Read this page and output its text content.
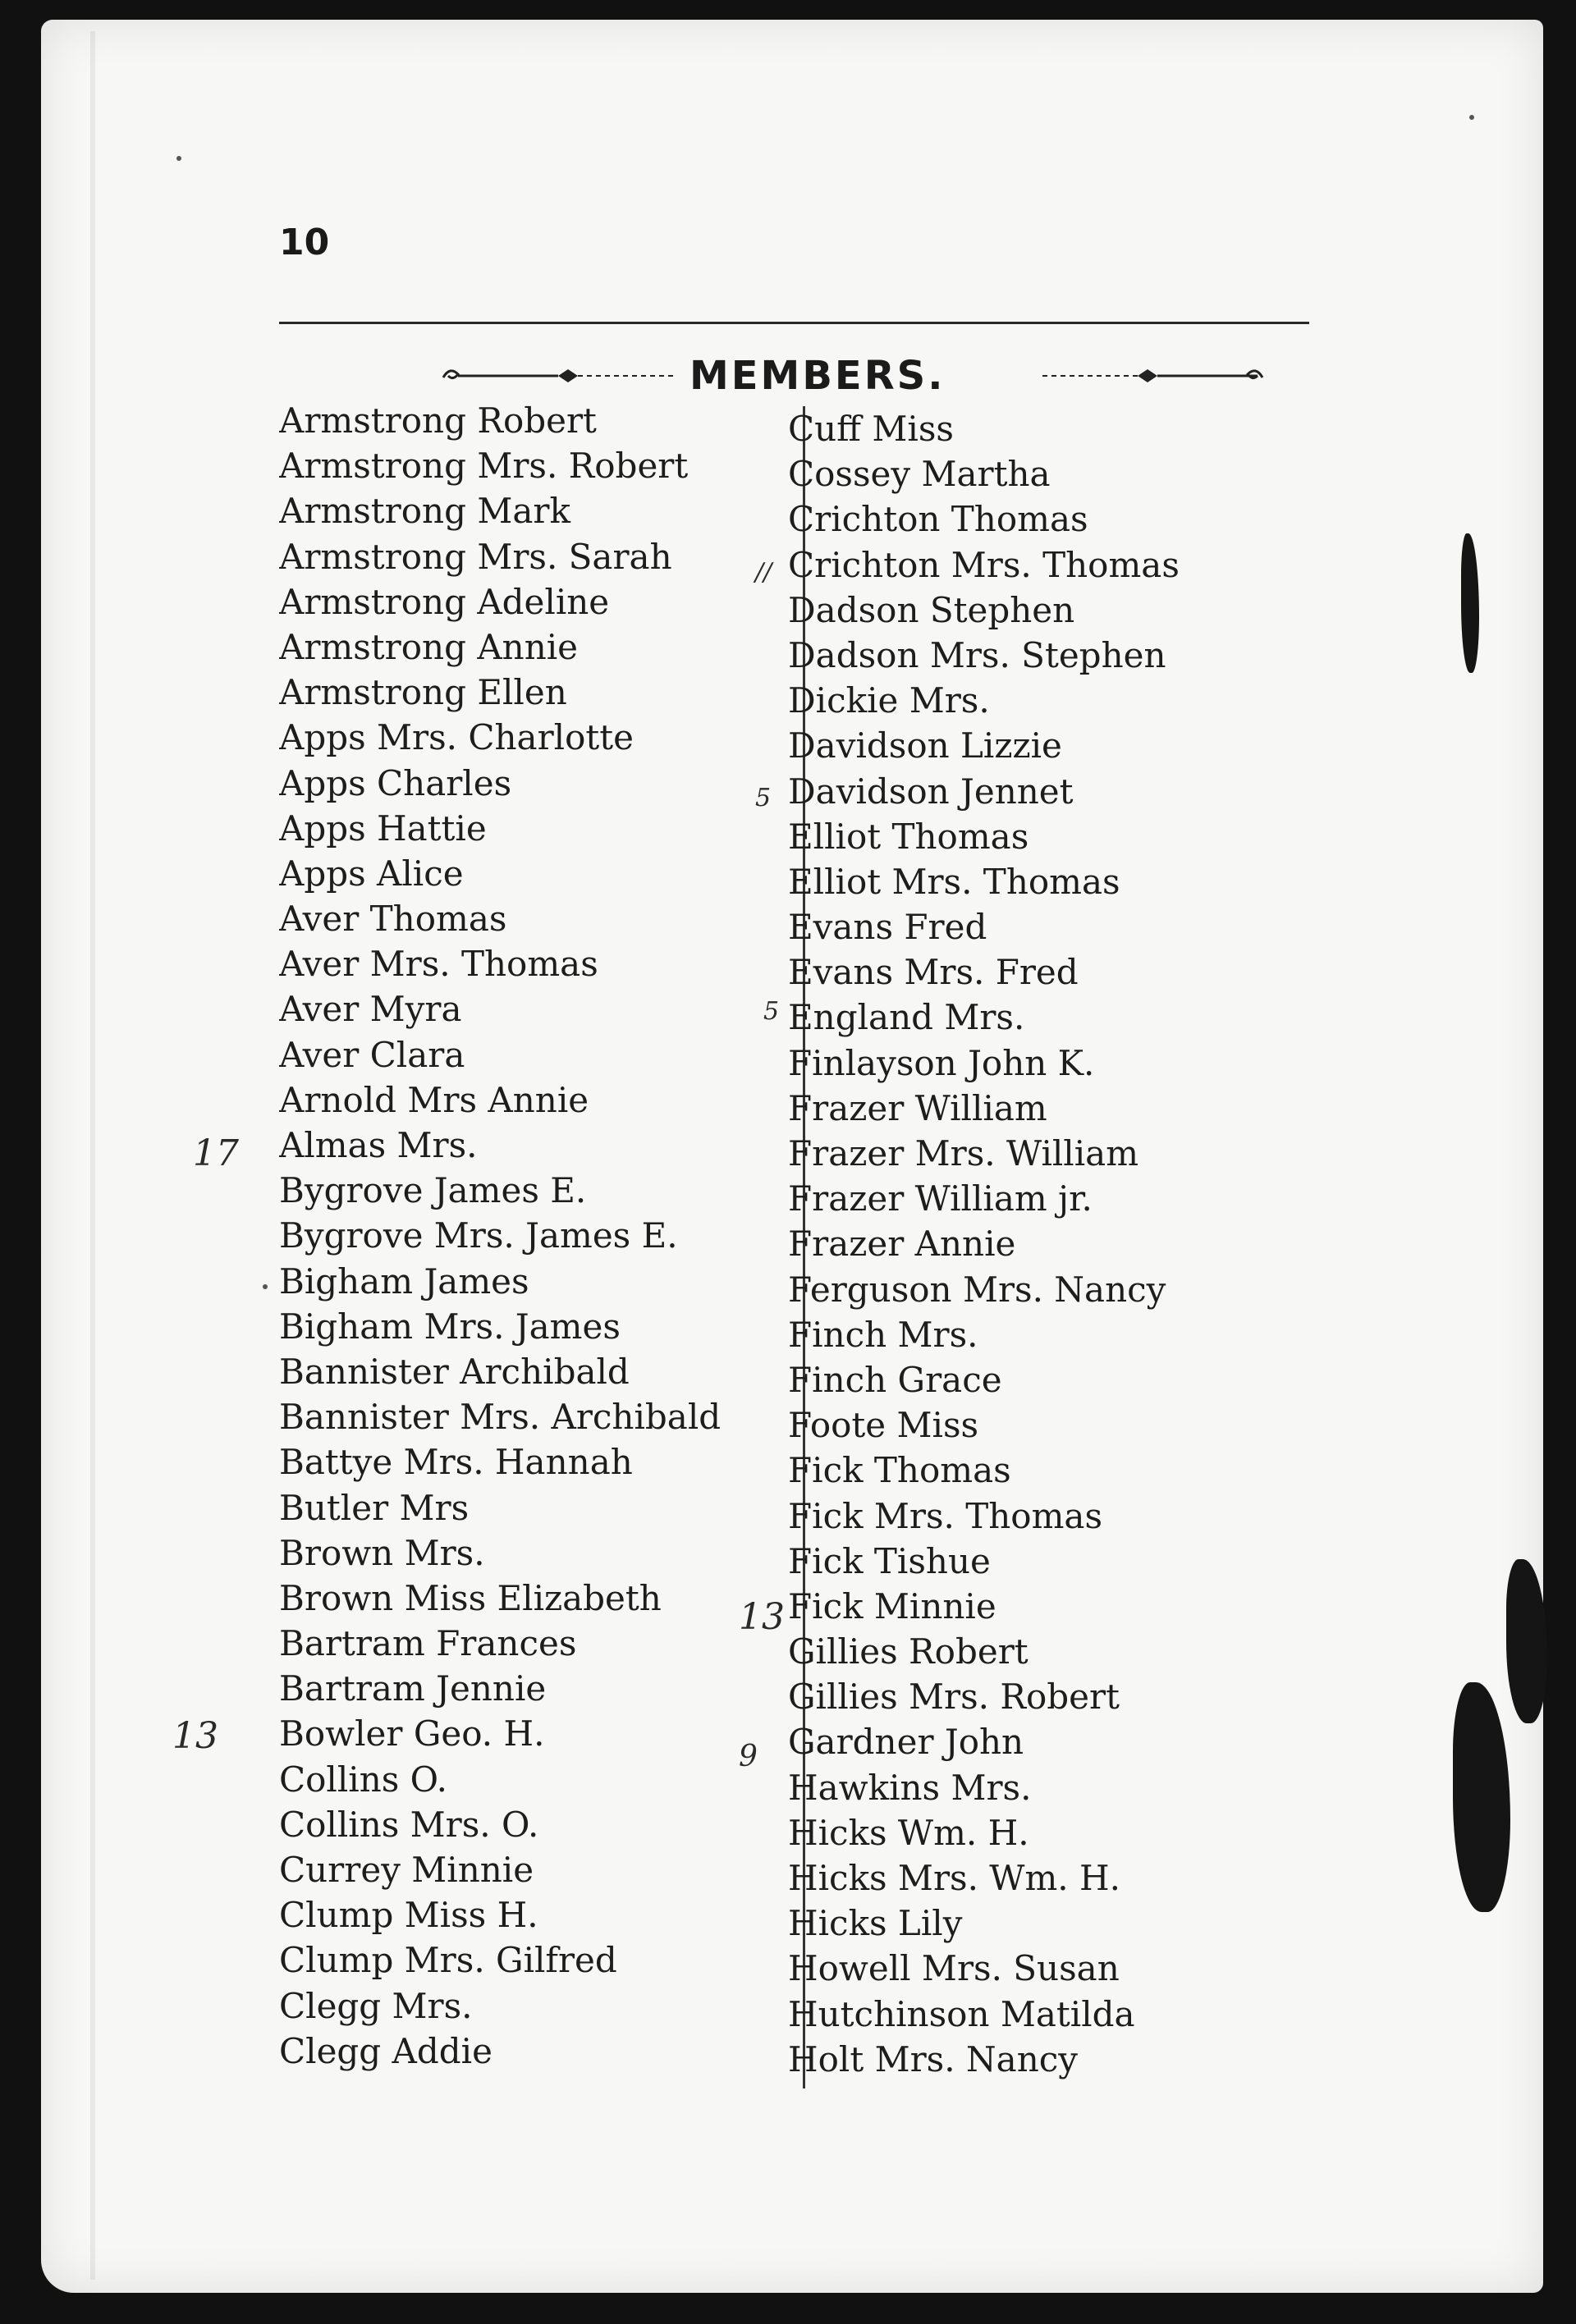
10
MEMBERS.
Armstrong Robert
Armstrong Mrs. Robert
Armstrong Mark
Armstrong Mrs. Sarah
Armstrong Adeline
Armstrong Annie
Armstrong Ellen
Apps Mrs. Charlotte
Apps Charles
Apps Hattie
Apps Alice
Aver Thomas
Aver Mrs. Thomas
Aver Myra
Aver Clara
Arnold Mrs Annie
Almas Mrs.
Bygrove James E.
Bygrove Mrs. James E.
Bigham James
Bigham Mrs. James
Bannister Archibald
Bannister Mrs. Archibald
Battye Mrs. Hannah
Butler Mrs
Brown Mrs.
Brown Miss Elizabeth
Bartram Frances
Bartram Jennie
Bowler Geo. H.
Collins O.
Collins Mrs. O.
Currey Minnie
Clump Miss H.
Clump Mrs. Gilfred
Clegg Mrs.
Clegg Addie
Cuff Miss
Cossey Martha
Crichton Thomas
Crichton Mrs. Thomas
Dadson Stephen
Dadson Mrs. Stephen
Dickie Mrs.
Davidson Lizzie
Davidson Jennet
Elliot Thomas
Elliot Mrs. Thomas
Evans Fred
Evans Mrs. Fred
England Mrs.
Finlayson John K.
Frazer William
Frazer Mrs. William
Frazer William jr.
Frazer Annie
Ferguson Mrs. Nancy
Finch Mrs.
Finch Grace
Foote Miss
Fick Thomas
Fick Mrs. Thomas
Fick Tishue
Fick Minnie
Gillies Robert
Gillies Mrs. Robert
Gardner John
Hawkins Mrs.
Hicks Wm. H.
Hicks Mrs. Wm. H.
Hicks Lily
Howell Mrs. Susan
Hutchinson Matilda
Holt Mrs. Nancy
17
13
13
9
5
//
5
